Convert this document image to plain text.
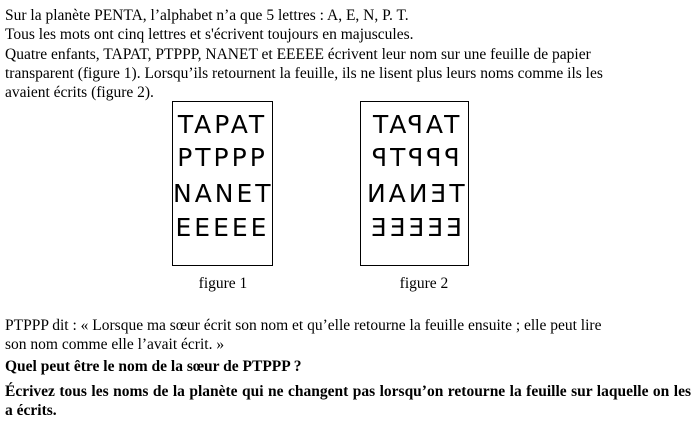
Sur la planète PENTA, l’alphabet n’a que 5 lettres : A, E, N, P. T.
Tous les mots ont cinq lettres et s'écrivent toujours en majuscules.
Quatre enfants, TAPAT, PTPPP, NANET et EEEEE écrivent leur nom sur une feuille de papier
transparent (figure 1). Lorsqu’ils retournent la feuille, ils ne lisent plus leurs noms comme ils les
avaient écrits (figure 2).
TAPAT
PTPPP
NANET
EEEEE
figure 1
TAPAT
PPPTP
TENAN
EEEEE
figure 2
PTPPP dit : « Lorsque ma sœur écrit son nom et qu’elle retourne la feuille ensuite ; elle peut lire
son nom comme elle l’avait écrit. »
Quel peut être le nom de la sœur de PTPPP ?
Écrivez tous les noms de la planète qui ne changent pas lorsqu’on retourne la feuille sur laquelle on les a écrits.
